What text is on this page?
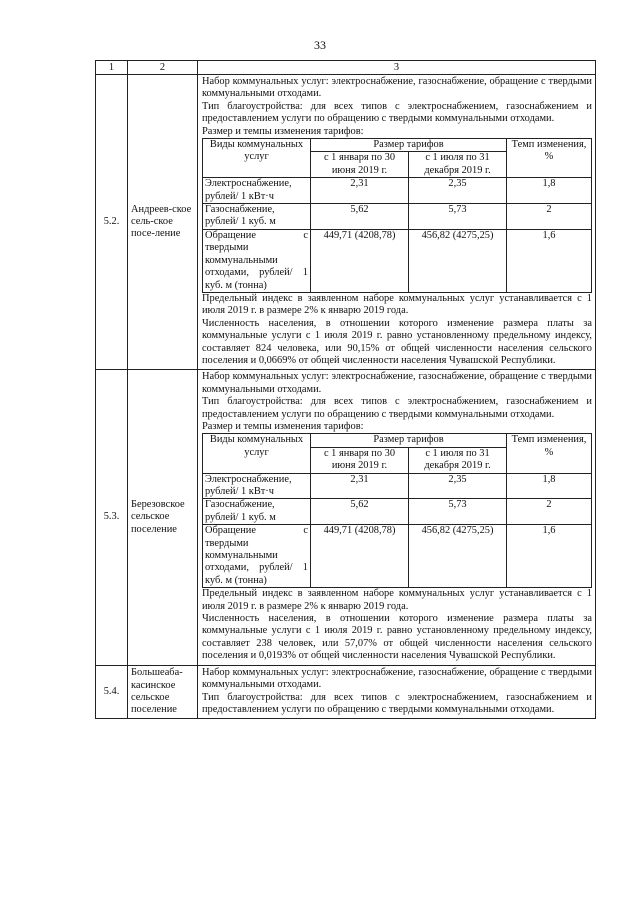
33
1	2	3
5.2.	Андреев-ское сель-ское посе-ление	
Набор коммунальных услуг: электроснабжение, газоснабжение, обращение с твердыми коммунальными отходами.
Тип благоустройства: для всех типов с электроснабжением, газоснабжением и предоставлением услуги по обращению с твердыми коммунальными отходами.
Размер и темпы изменения тарифов:
Виды коммунальных услуг	Размер тарифов	Темп изменения, %
с 1 января по 30 июня 2019 г.	с 1 июля по 31 декабря 2019 г.
Электроснабжение, рублей/ 1 кВт·ч	2,31	2,35	1,8
Газоснабжение, рублей/ 1 куб. м	5,62	5,73	2
Обращение с твердыми коммунальными отходами, рублей/ 1 куб. м (тонна)	449,71 (4208,78)	456,82 (4275,25)	1,6
Предельный индекс в заявленном наборе коммунальных услуг устанавливается с 1 июля 2019 г. в размере 2% к январю 2019 года.
Численность населения, в отношении которого изменение размера платы за коммунальные услуги с 1 июля 2019 г. равно установленному предельному индексу, составляет 824 человека, или 90,15% от общей численности населения сельского поселения и 0,0669% от общей численности населения Чувашской Республики.

5.3.	Березовское сельское поселение	
Набор коммунальных услуг: электроснабжение, газоснабжение, обращение с твердыми коммунальными отходами.
Тип благоустройства: для всех типов с электроснабжением, газоснабжением и предоставлением услуги по обращению с твердыми коммунальными отходами.
Размер и темпы изменения тарифов:
Виды коммунальных услуг	Размер тарифов	Темп изменения, %
с 1 января по 30 июня 2019 г.	с 1 июля по 31 декабря 2019 г.
Электроснабжение, рублей/ 1 кВт·ч	2,31	2,35	1,8
Газоснабжение, рублей/ 1 куб. м	5,62	5,73	2
Обращение с твердыми коммунальными отходами, рублей/ 1 куб. м (тонна)	449,71 (4208,78)	456,82 (4275,25)	1,6
Предельный индекс в заявленном наборе коммунальных услуг устанавливается с 1 июля 2019 г. в размере 2% к январю 2019 года.
Численность населения, в отношении которого изменение размера платы за коммунальные услуги с 1 июля 2019 г. равно установленному предельному индексу, составляет 238 человек, или 57,07% от общей численности населения сельского поселения и 0,0193% от общей численности населения Чувашской Республики.

5.4.	Большеаба-касинское сельское поселение	
Набор коммунальных услуг: электроснабжение, газоснабжение, обращение с твердыми коммунальными отходами.
Тип благоустройства: для всех типов с электроснабжением, газоснабжением и предоставлением услуги по обращению с твердыми коммунальными отходами.
